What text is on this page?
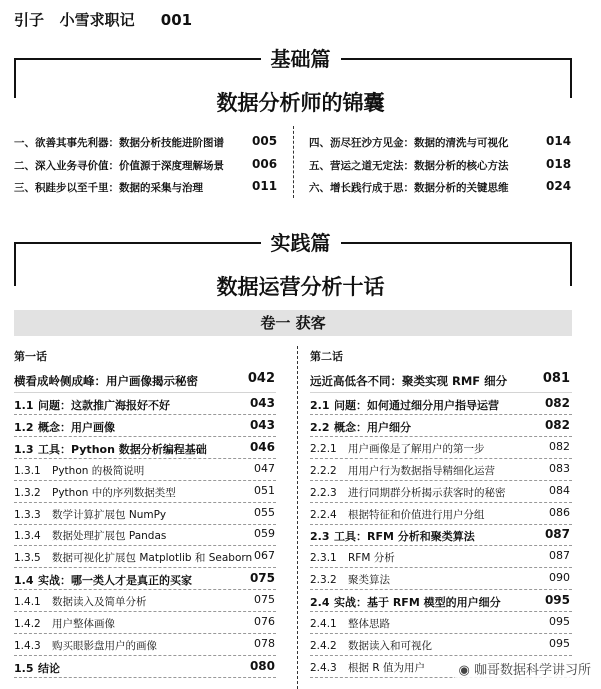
引子   小雪求职记     001
基础篇
数据分析师的锦囊
一、欲善其事先利器：数据分析技能进阶图谱 005
二、深入业务寻价值：价值源于深度理解场景 006
三、积跬步以至千里：数据的采集与治理	011
四、沥尽狂沙方见金：数据的清洗与可视化	014
五、营运之道无定法：数据分析的核心方法	018
六、增长践行成于思：数据分析的关键思维	024
实践篇
数据运营分析十话
卷一 获客
第一话
横看成岭侧成峰：用户画像揭示秘密	042
1.1 问题：这款推广海报好不好	043
1.2 概念：用户画像	043
1.3 工具：Python 数据分析编程基础	046
1.3.1 Python 的极简说明	047
1.3.2 Python 中的序列数据类型	051
1.3.3 数学计算扩展包 NumPy	055
1.3.4 数据处理扩展包 Pandas	059
1.3.5 数据可视化扩展包 Matplotlib 和 Seaborn 067
1.4 实战：哪一类人才是真正的买家	075
1.4.1 数据读入及简单分析	075
1.4.2 用户整体画像	076
1.4.3 购买眼影盘用户的画像	078
1.5 结论	080
第二话
远近高低各不同：聚类实现 RMF 细分	081
2.1 问题：如何通过细分用户指导运营	082
2.2 概念：用户细分	082
2.2.1 用户画像是了解用户的第一步	082
2.2.2 用用户行为数据指导精细化运营	083
2.2.3 进行同期群分析揭示获客时的秘密	084
2.2.4 根据特征和价值进行用户分组	086
2.3 工具：RFM 分析和聚类算法	087
2.3.1 RFM 分析	087
2.3.2 聚类算法	090
2.4 实战：基于 RFM 模型的用户细分	095
2.4.1 整体思路	095
2.4.2 数据读入和可视化	095
2.4.3 根据 R 值为用户	◉ 咖哥数据科学讲习所
